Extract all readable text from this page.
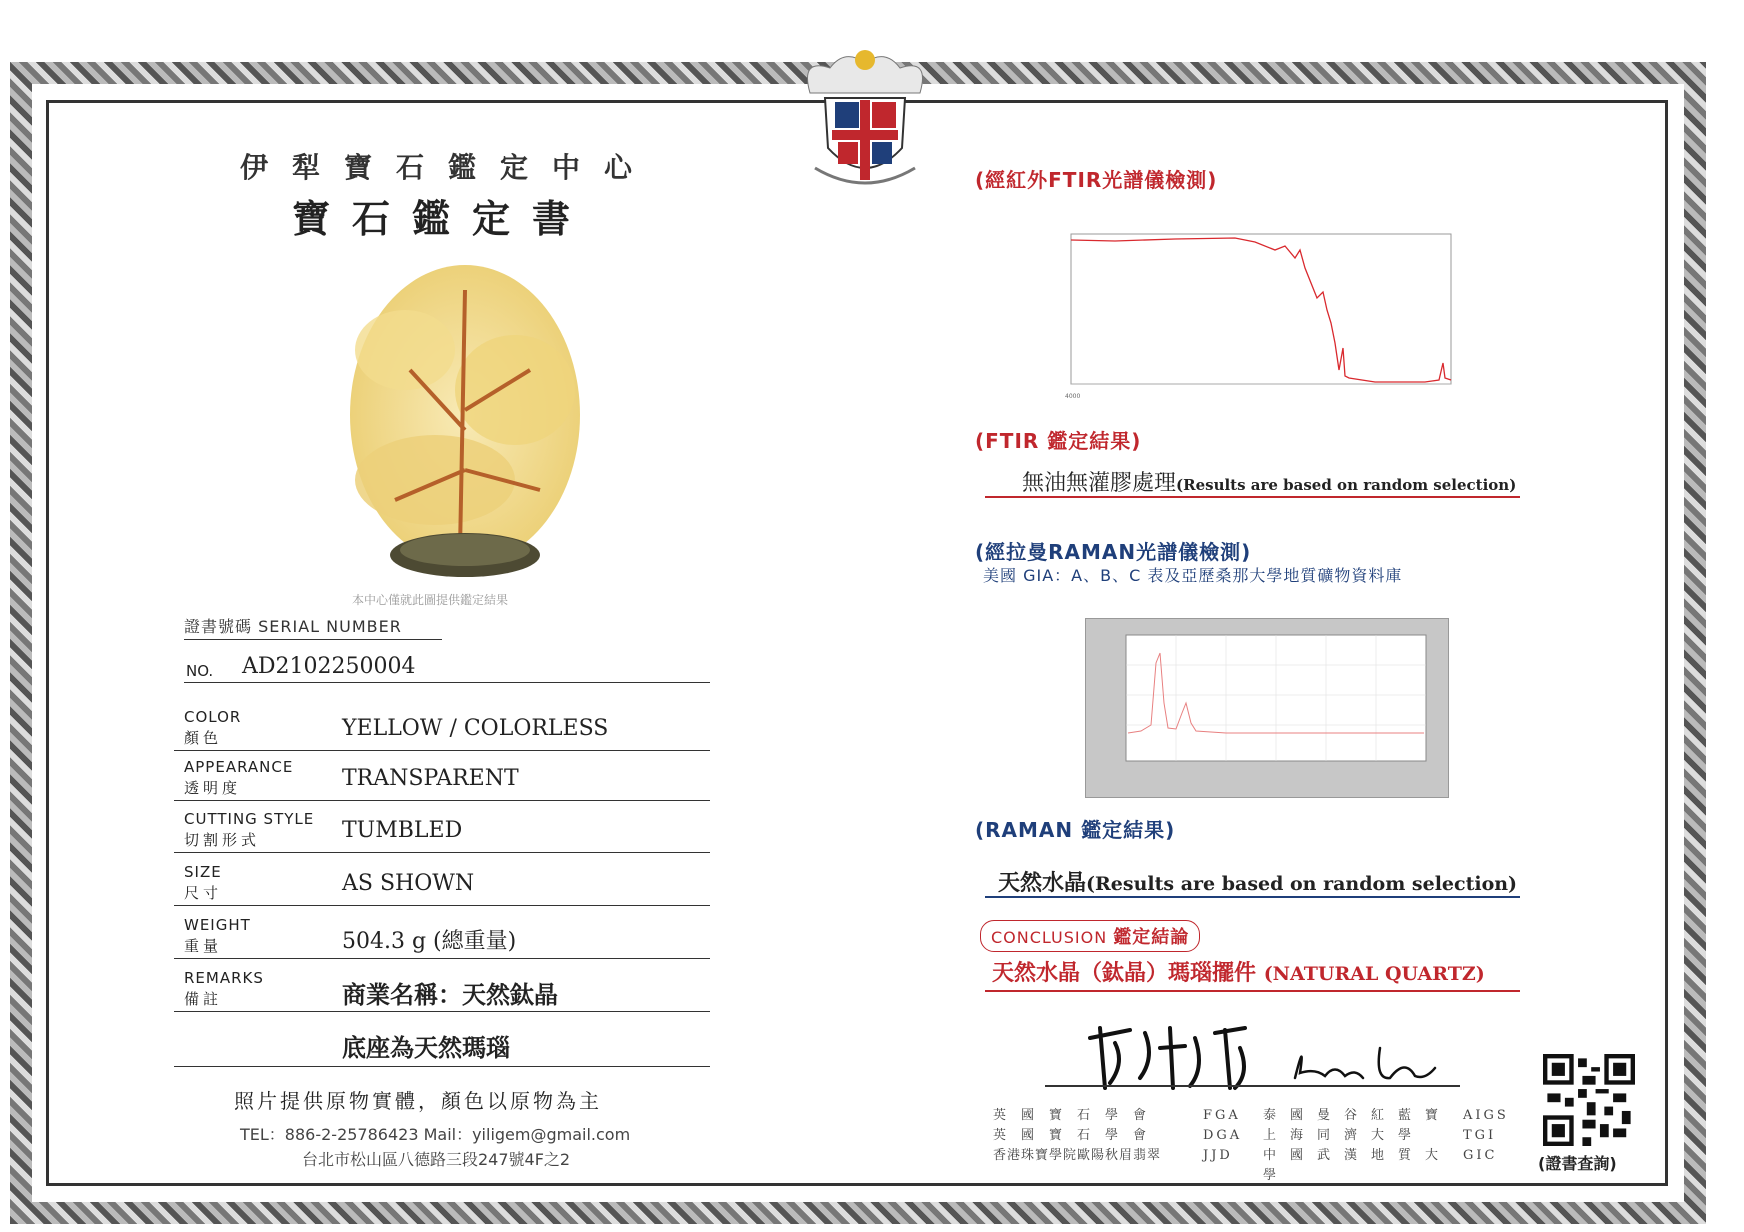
伊犁寶石鑑定中心
寶石鑑定書
本中心僅就此圖提供鑑定結果
證書號碼 SERIAL NUMBER
NO. AD2102250004
COLOR
顏色	YELLOW / COLORLESS
APPEARANCE
透明度	TRANSPARENT
CUTTING STYLE
切割形式	TUMBLED
SIZE
尺寸	AS SHOWN
WEIGHT
重量	504.3 g (總重量)
REMARKS
備註	商業名稱：天然鈦晶
底座為天然瑪瑙
照片提供原物實體，顏色以原物為主
TEL：886-2-25786423 Mail：yiligem@gmail.com
台北市松山區八德路三段247號4F之2
(經紅外FTIR光譜儀檢測)
4000
(FTIR 鑑定結果)
無油無灌膠處理(Results are based on random selection)
(經拉曼RAMAN光譜儀檢測)
美國 GIA：A、B、C 表及亞歷桑那大學地質礦物資料庫
(RAMAN 鑑定結果)
天然水晶(Results are based on random selection)
CONCLUSION 鑑定結論
天然水晶（鈦晶）瑪瑙擺件 (NATURAL QUARTZ)
英國寶石學會	FGA	泰國曼谷紅藍寶 AIGS
英國寶石學會	DGA	上海同濟大學	TGI
香港珠寶學院歐陽秋眉翡翠	JJD	中國武漢地質大學
GIC	(證書查詢)
